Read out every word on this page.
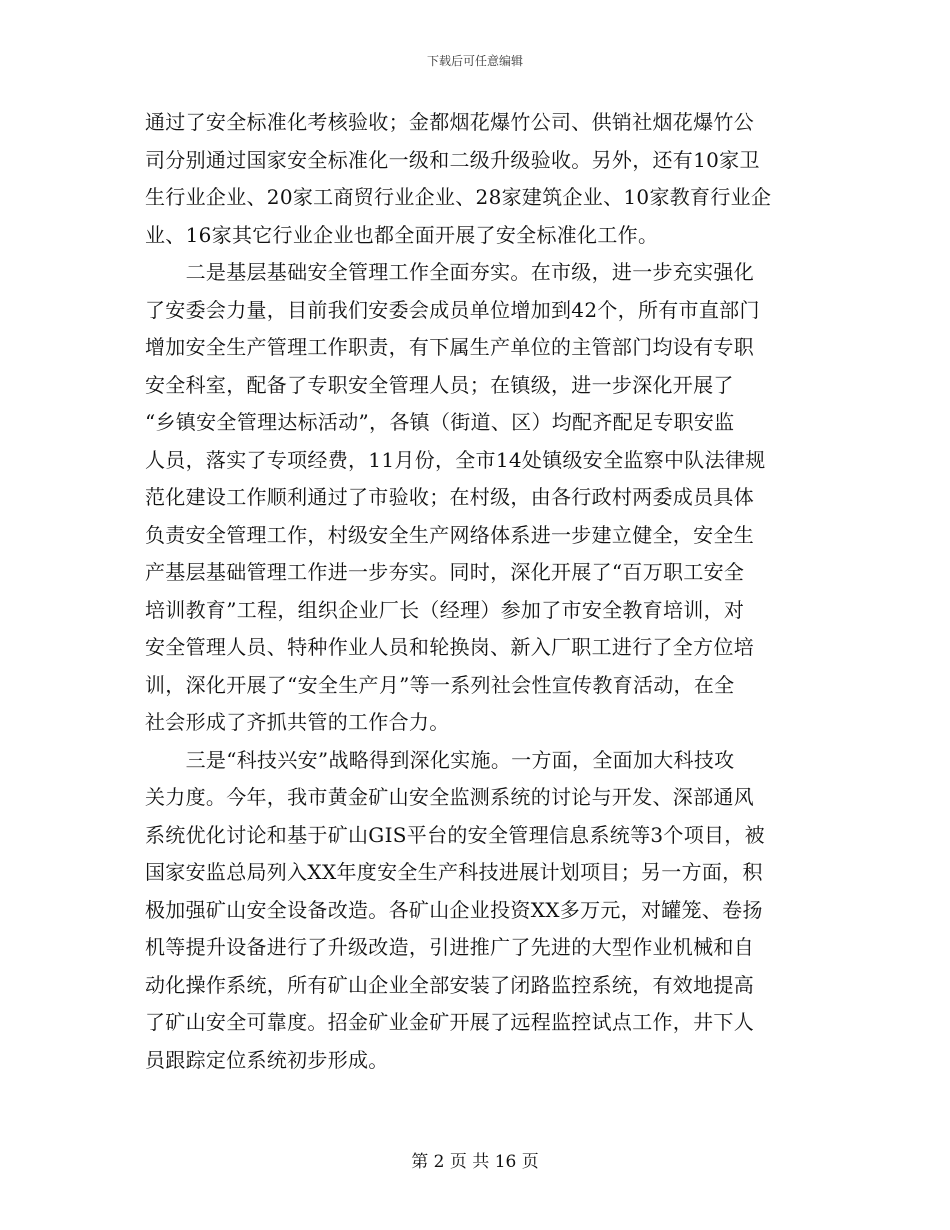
下载后可任意编辑
通过了安全标准化考核验收；金都烟花爆竹公司、供销社烟花爆竹公
司分别通过国家安全标准化一级和二级升级验收。另外，还有10家卫
生行业企业、20家工商贸行业企业、28家建筑企业、10家教育行业企
业、16家其它行业企业也都全面开展了安全标准化工作。
　　二是基层基础安全管理工作全面夯实。在市级，进一步充实强化
了安委会力量，目前我们安委会成员单位增加到42个，所有市直部门
增加安全生产管理工作职责，有下属生产单位的主管部门均设有专职
安全科室，配备了专职安全管理人员；在镇级，进一步深化开展了
“乡镇安全管理达标活动”，各镇（街道、区）均配齐配足专职安监
人员，落实了专项经费，11月份，全市14处镇级安全监察中队法律规
范化建设工作顺利通过了市验收；在村级，由各行政村两委成员具体
负责安全管理工作，村级安全生产网络体系进一步建立健全，安全生
产基层基础管理工作进一步夯实。同时，深化开展了“百万职工安全
培训教育”工程，组织企业厂长（经理）参加了市安全教育培训，对
安全管理人员、特种作业人员和轮换岗、新入厂职工进行了全方位培
训，深化开展了“安全生产月”等一系列社会性宣传教育活动，在全
社会形成了齐抓共管的工作合力。
　　三是“科技兴安”战略得到深化实施。一方面，全面加大科技攻
关力度。今年，我市黄金矿山安全监测系统的讨论与开发、深部通风
系统优化讨论和基于矿山GIS平台的安全管理信息系统等3个项目，被
国家安监总局列入XX年度安全生产科技进展计划项目；另一方面，积
极加强矿山安全设备改造。各矿山企业投资XX多万元，对罐笼、卷扬
机等提升设备进行了升级改造，引进推广了先进的大型作业机械和自
动化操作系统，所有矿山企业全部安装了闭路监控系统，有效地提高
了矿山安全可靠度。招金矿业金矿开展了远程监控试点工作，井下人
员跟踪定位系统初步形成。
第 2 页 共 16 页
